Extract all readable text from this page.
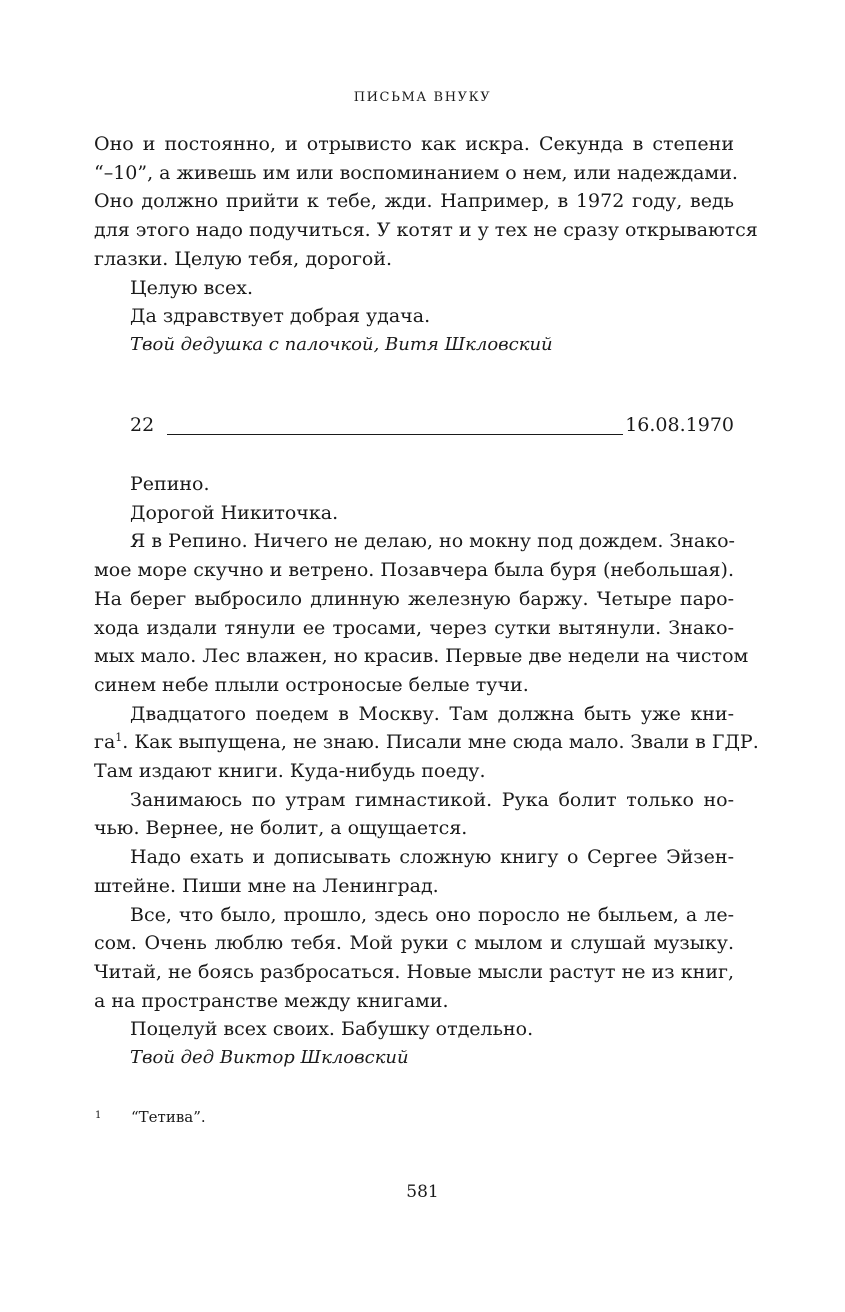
ПИСЬМА ВНУКУ

Оно и постоянно, и отрывисто как искра. Секунда в степени
“–10”, а живешь им или воспоминанием о нем, или надеждами.
Оно должно прийти к тебе, жди. Например, в 1972 году, ведь
для этого надо подучиться. У котят и у тех не сразу открываются
глазки. Целую тебя, дорогой.

Целую всех.

Да здравствует добрая удача.

Твой дедушка с палочкой, Витя Шкловский

22	16.08.1970

Репино.

Дорогой Никиточка.

Я в Репино. Ничего не делаю, но мокну под дождем. Знако-
мое море скучно и ветрено. Позавчера была буря (небольшая).
На берег выбросило длинную железную баржу. Четыре паро-
хода издали тянули ее тросами, через сутки вытянули. Знако-
мых мало. Лес влажен, но красив. Первые две недели на чистом
синем небе плыли остроносые белые тучи.

Двадцатого поедем в Москву. Там должна быть уже кни-
га$^1$. Как выпущена, не знаю. Писали мне сюда мало. Звали в ГДР.
Там издают книги. Куда-нибудь поеду.

Занимаюсь по утрам гимнастикой. Рука болит только но-
чью. Вернее, не болит, а ощущается.

Надо ехать и дописывать сложную книгу о Сергее Эйзен-
штейне. Пиши мне на Ленинград.

Все, что было, прошло, здесь оно поросло не быльем, а ле-
сом. Очень люблю тебя. Мой руки с мылом и слушай музыку.
Читай, не боясь разбросаться. Новые мысли растут не из книг,
а на пространстве между книгами.

Поцелуй всех своих. Бабушку отдельно.

Твой дед Виктор Шкловский

1 “Тетива”.
581
